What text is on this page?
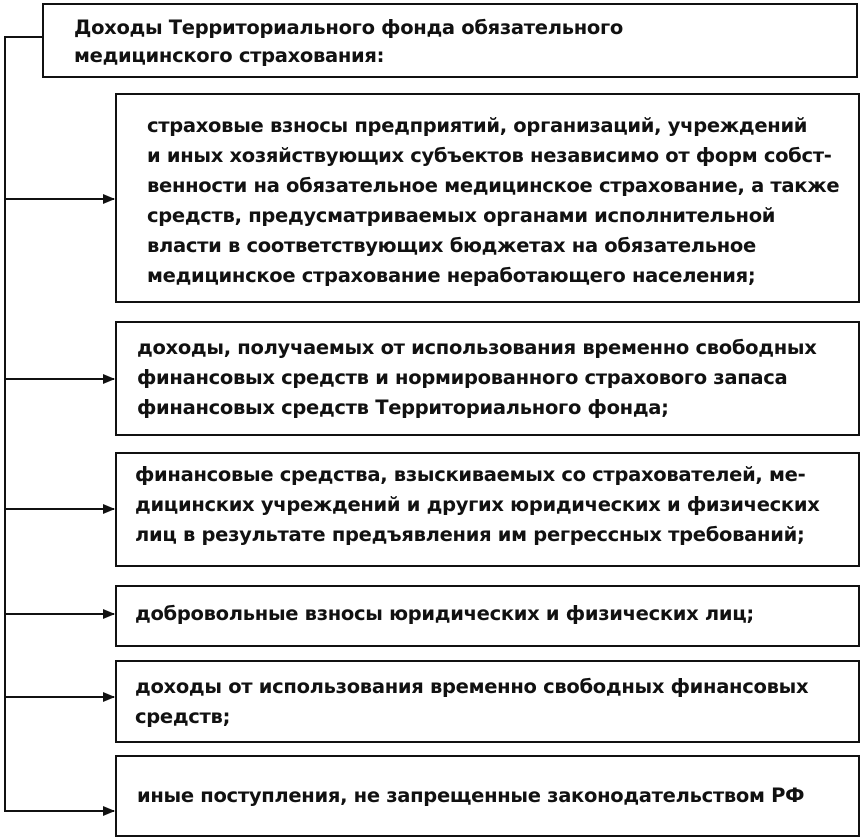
Доходы Территориального фонда обязательного
медицинского страхования:
страховые взносы предприятий, организаций, учреждений
и иных хозяйствующих субъектов независимо от форм собст-
венности на обязательное медицинское страхование, а также
средств, предусматриваемых органами исполнительной
власти в соответствующих бюджетах на обязательное
медицинское страхование неработающего населения;
доходы, получаемых от использования временно свободных
финансовых средств и нормированного страхового запаса
финансовых средств Территориального фонда;
финансовые средства, взыскиваемых со страхователей, ме-
дицинских учреждений и других юридических и физических
лиц в результате предъявления им регрессных требований;
добровольные взносы юридических и физических лиц;
доходы от использования временно свободных финансовых
средств;
иные поступления, не запрещенные законодательством РФ
